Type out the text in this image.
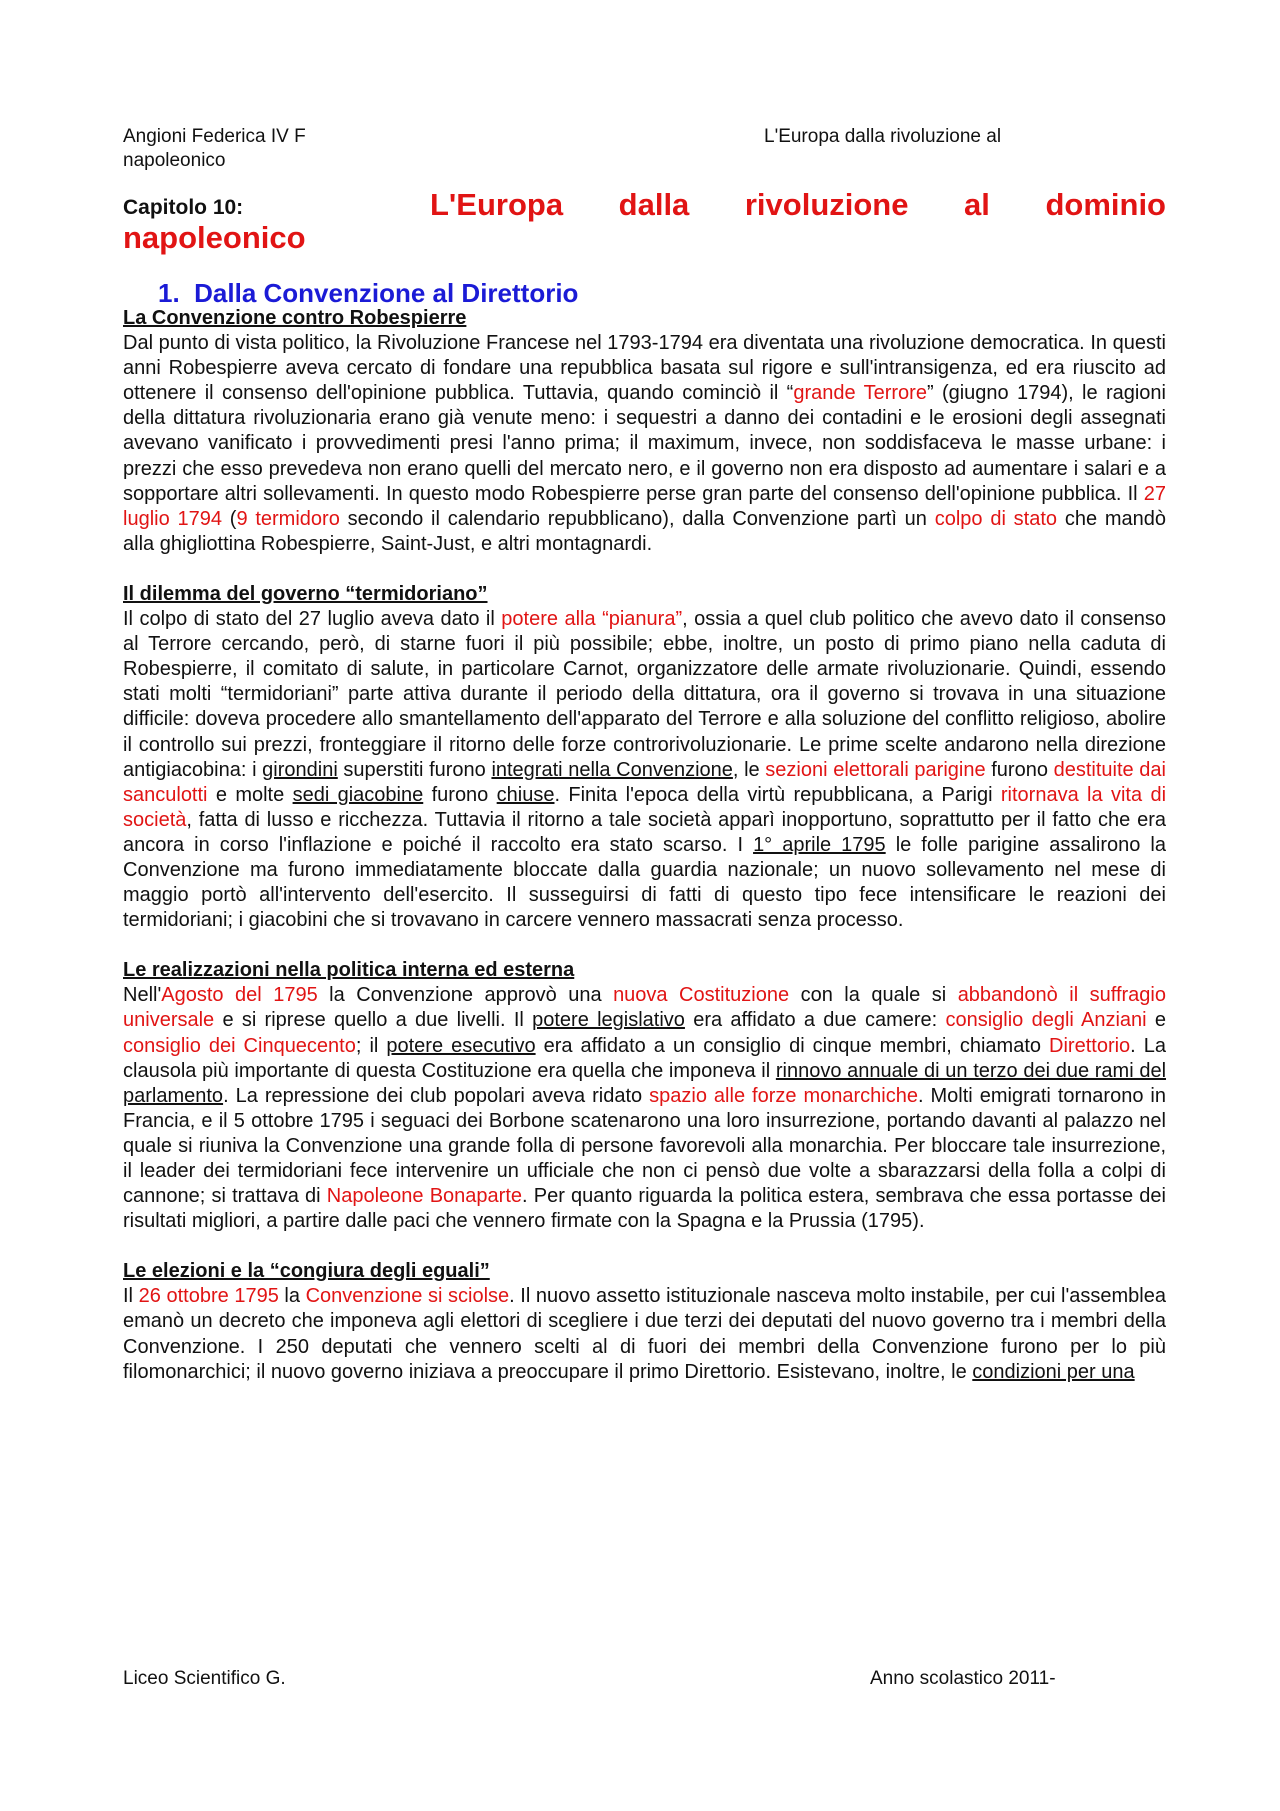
Angioni Federica IV F	L'Europa dalla rivoluzione al
napoleonico
Capitolo 10:	L'Europa dalla rivoluzione al dominio
napoleonico
1. Dalla Convenzione al Direttorio

La Convenzione contro Robespierre

Dal punto di vista politico, la Rivoluzione Francese nel 1793-1794 era diventata una rivoluzione democratica. In questi anni Robespierre aveva cercato di fondare una repubblica basata sul rigore e sull'intransigenza, ed era riuscito ad ottenere il consenso dell'opinione pubblica. Tuttavia, quando cominciò il “grande Terrore” (giugno 1794), le ragioni della dittatura rivoluzionaria erano già venute meno: i sequestri a danno dei contadini e le erosioni degli assegnati avevano vanificato i provvedimenti presi l'anno prima; il maximum, invece, non soddisfaceva le masse urbane: i prezzi che esso prevedeva non erano quelli del mercato nero, e il governo non era disposto ad aumentare i salari e a sopportare altri sollevamenti. In questo modo Robespierre perse gran parte del consenso dell'opinione pubblica. Il 27 luglio 1794 (9 termidoro secondo il calendario repubblicano), dalla Convenzione partì un colpo di stato che mandò alla ghigliottina Robespierre, Saint-Just, e altri montagnardi.

Il dilemma del governo “termidoriano”

Il colpo di stato del 27 luglio aveva dato il potere alla “pianura”, ossia a quel club politico che avevo dato il consenso al Terrore cercando, però, di starne fuori il più possibile; ebbe, inoltre, un posto di primo piano nella caduta di Robespierre, il comitato di salute, in particolare Carnot, organizzatore delle armate rivoluzionarie. Quindi, essendo stati molti “termidoriani” parte attiva durante il periodo della dittatura, ora il governo si trovava in una situazione difficile: doveva procedere allo smantellamento dell'apparato del Terrore e alla soluzione del conflitto religioso, abolire il controllo sui prezzi, fronteggiare il ritorno delle forze controrivoluzionarie. Le prime scelte andarono nella direzione antigiacobina: i girondini superstiti furono integrati nella Convenzione, le sezioni elettorali parigine furono destituite dai sanculotti e molte sedi giacobine furono chiuse. Finita l'epoca della virtù repubblicana, a Parigi ritornava la vita di società, fatta di lusso e ricchezza. Tuttavia il ritorno a tale società apparì inopportuno, soprattutto per il fatto che era ancora in corso l'inflazione e poiché il raccolto era stato scarso. I 1° aprile 1795 le folle parigine assalirono la Convenzione ma furono immediatamente bloccate dalla guardia nazionale; un nuovo sollevamento nel mese di maggio portò all'intervento dell'esercito. Il susseguirsi di fatti di questo tipo fece intensificare le reazioni dei termidoriani; i giacobini che si trovavano in carcere vennero massacrati senza processo.

Le realizzazioni nella politica interna ed esterna

Nell'Agosto del 1795 la Convenzione approvò una nuova Costituzione con la quale si abbandonò il suffragio universale e si riprese quello a due livelli. Il potere legislativo era affidato a due camere: consiglio degli Anziani e consiglio dei Cinquecento; il potere esecutivo era affidato a un consiglio di cinque membri, chiamato Direttorio. La clausola più importante di questa Costituzione era quella che imponeva il rinnovo annuale di un terzo dei due rami del parlamento. La repressione dei club popolari aveva ridato spazio alle forze monarchiche. Molti emigrati tornarono in Francia, e il 5 ottobre 1795 i seguaci dei Borbone scatenarono una loro insurrezione, portando davanti al palazzo nel quale si riuniva la Convenzione una grande folla di persone favorevoli alla monarchia. Per bloccare tale insurrezione, il leader dei termidoriani fece intervenire un ufficiale che non ci pensò due volte a sbarazzarsi della folla a colpi di cannone; si trattava di Napoleone Bonaparte. Per quanto riguarda la politica estera, sembrava che essa portasse dei risultati migliori, a partire dalle paci che vennero firmate con la Spagna e la Prussia (1795).

Le elezioni e la “congiura degli eguali”

Il 26 ottobre 1795 la Convenzione si sciolse. Il nuovo assetto istituzionale nasceva molto instabile, per cui l'assemblea emanò un decreto che imponeva agli elettori di scegliere i due terzi dei deputati del nuovo governo tra i membri della Convenzione. I 250 deputati che vennero scelti al di fuori dei membri della Convenzione furono per lo più filomonarchici; il nuovo governo iniziava a preoccupare il primo Direttorio. Esistevano, inoltre, le condizioni per una

Liceo Scientifico G.	Anno scolastico 2011-
